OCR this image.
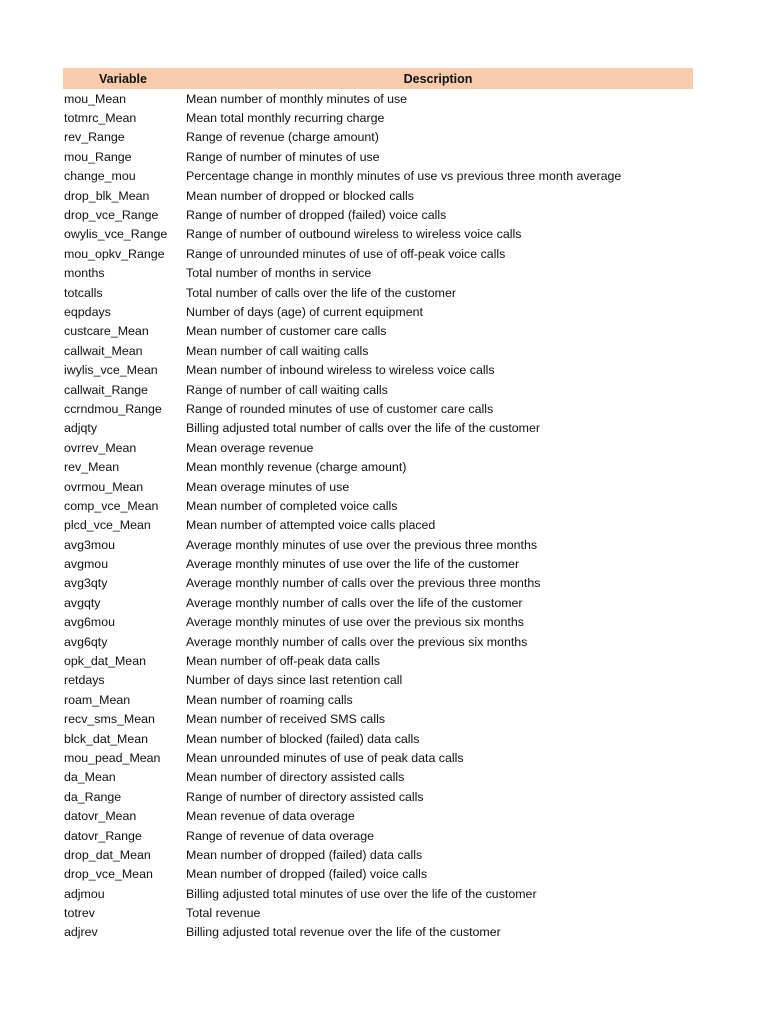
Variable	Description
mou_Mean	Mean number of monthly minutes of use
totmrc_Mean	Mean total monthly recurring charge
rev_Range	Range of revenue (charge amount)
mou_Range	Range of number of minutes of use
change_mou	Percentage change in monthly minutes of use vs previous three month average
drop_blk_Mean	Mean number of dropped or blocked calls
drop_vce_Range	Range of number of dropped (failed) voice calls
owylis_vce_Range	Range of number of outbound wireless to wireless voice calls
mou_opkv_Range	Range of unrounded minutes of use of off-peak voice calls
months	Total number of months in service
totcalls	Total number of calls over the life of the customer
eqpdays	Number of days (age) of current equipment
custcare_Mean	Mean number of customer care calls
callwait_Mean	Mean number of call waiting calls
iwylis_vce_Mean	Mean number of inbound wireless to wireless voice calls
callwait_Range	Range of number of call waiting calls
ccrndmou_Range	Range of rounded minutes of use of customer care calls
adjqty	Billing adjusted total number of calls over the life of the customer
ovrrev_Mean	Mean overage revenue
rev_Mean	Mean monthly revenue (charge amount)
ovrmou_Mean	Mean overage minutes of use
comp_vce_Mean	Mean number of completed voice calls
plcd_vce_Mean	Mean number of attempted voice calls placed
avg3mou	Average monthly minutes of use over the previous three months
avgmou	Average monthly minutes of use over the life of the customer
avg3qty	Average monthly number of calls over the previous three months
avgqty	Average monthly number of calls over the life of the customer
avg6mou	Average monthly minutes of use over the previous six months
avg6qty	Average monthly number of calls over the previous six months
opk_dat_Mean	Mean number of off-peak data calls
retdays	Number of days since last retention call
roam_Mean	Mean number of roaming calls
recv_sms_Mean	Mean number of received SMS calls
blck_dat_Mean	Mean number of blocked (failed) data calls
mou_pead_Mean	Mean unrounded minutes of use of peak data calls
da_Mean	Mean number of directory assisted calls
da_Range	Range of number of directory assisted calls
datovr_Mean	Mean revenue of data overage
datovr_Range	Range of revenue of data overage
drop_dat_Mean	Mean number of dropped (failed) data calls
drop_vce_Mean	Mean number of dropped (failed) voice calls
adjmou	Billing adjusted total minutes of use over the life of the customer
totrev	Total revenue
adjrev	Billing adjusted total revenue over the life of the customer
